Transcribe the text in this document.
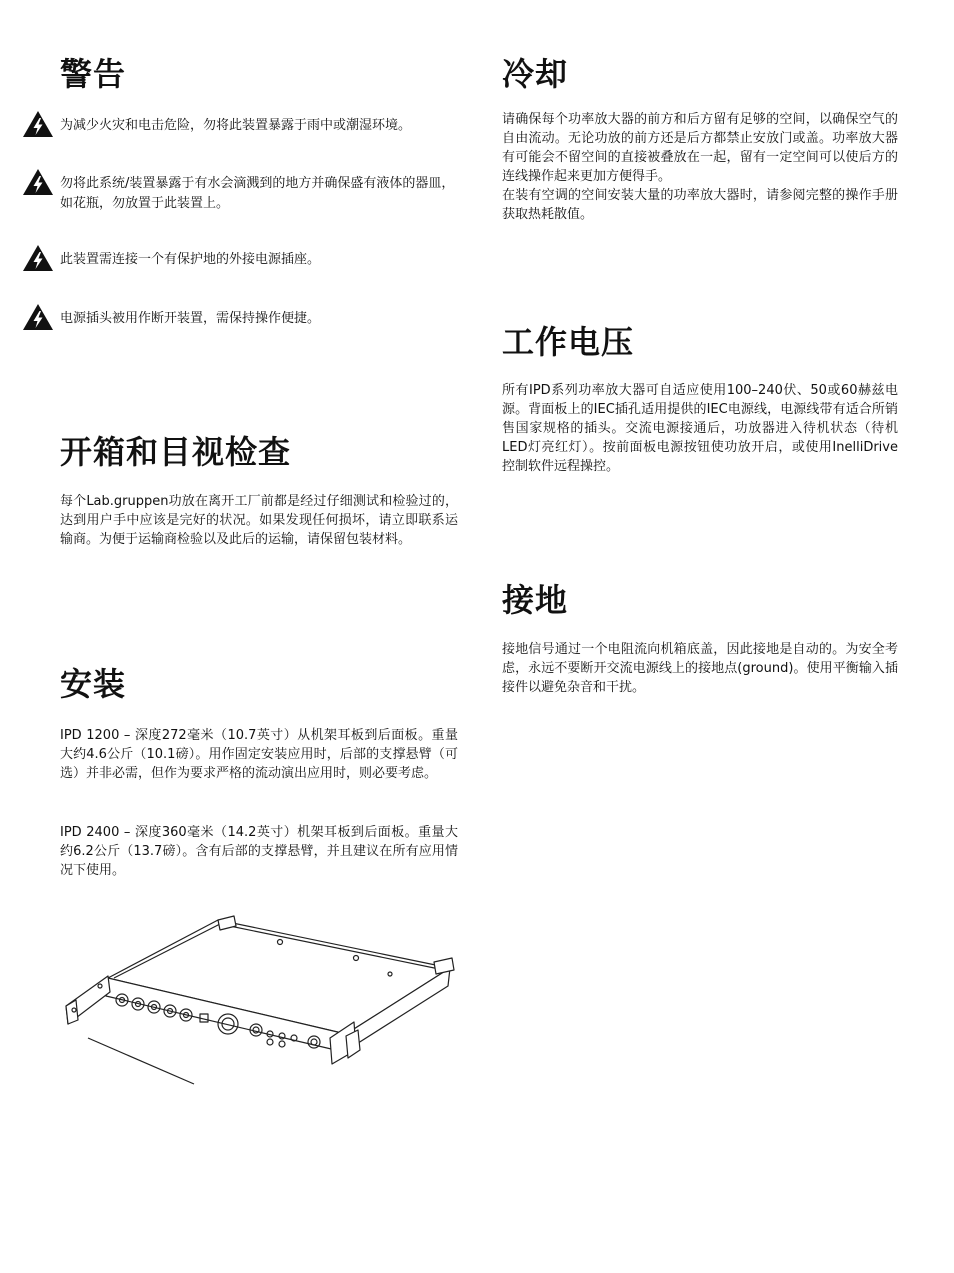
警告
为减少火灾和电击危险，勿将此装置暴露于雨中或潮湿环境。
勿将此系统/装置暴露于有水会滴溅到的地方并确保盛有液体的器皿，如花瓶，勿放置于此装置上。
此装置需连接一个有保护地的外接电源插座。
电源插头被用作断开装置，需保持操作便捷。
开箱和目视检查

每个Lab.gruppen功放在离开工厂前都是经过仔细测试和检验过的，达到用户手中应该是完好的状况。如果发现任何损坏，请立即联系运输商。为便于运输商检验以及此后的运输，请保留包装材料。

安装

IPD 1200 – 深度272毫米（10.7英寸）从机架耳板到后面板。重量大约4.6公斤（10.1磅）。用作固定安装应用时，后部的支撑悬臂（可选）并非必需，但作为要求严格的流动演出应用时，则必要考虑。

IPD 2400 – 深度360毫米（14.2英寸）机架耳板到后面板。重量大约6.2公斤（13.7磅）。含有后部的支撑悬臂，并且建议在所有应用情况下使用。

冷却

请确保每个功率放大器的前方和后方留有足够的空间，以确保空气的自由流动。无论功放的前方还是后方都禁止安放门或盖。功率放大器有可能会不留空间的直接被叠放在一起，留有一定空间可以使后方的连线操作起来更加方便得手。

在装有空调的空间安装大量的功率放大器时，请参阅完整的操作手册获取热耗散值。

工作电压

所有IPD系列功率放大器可自适应使用100–240伏、50或60赫兹电源。背面板上的IEC插孔适用提供的IEC电源线，电源线带有适合所销售国家规格的插头。交流电源接通后，功放器进入待机状态（待机LED灯亮红灯）。按前面板电源按钮使功放开启，或使用InelliDrive控制软件远程操控。

接地

接地信号通过一个电阻流向机箱底盖，因此接地是自动的。为安全考虑，永远不要断开交流电源线上的接地点(ground)。使用平衡输入插接件以避免杂音和干扰。
